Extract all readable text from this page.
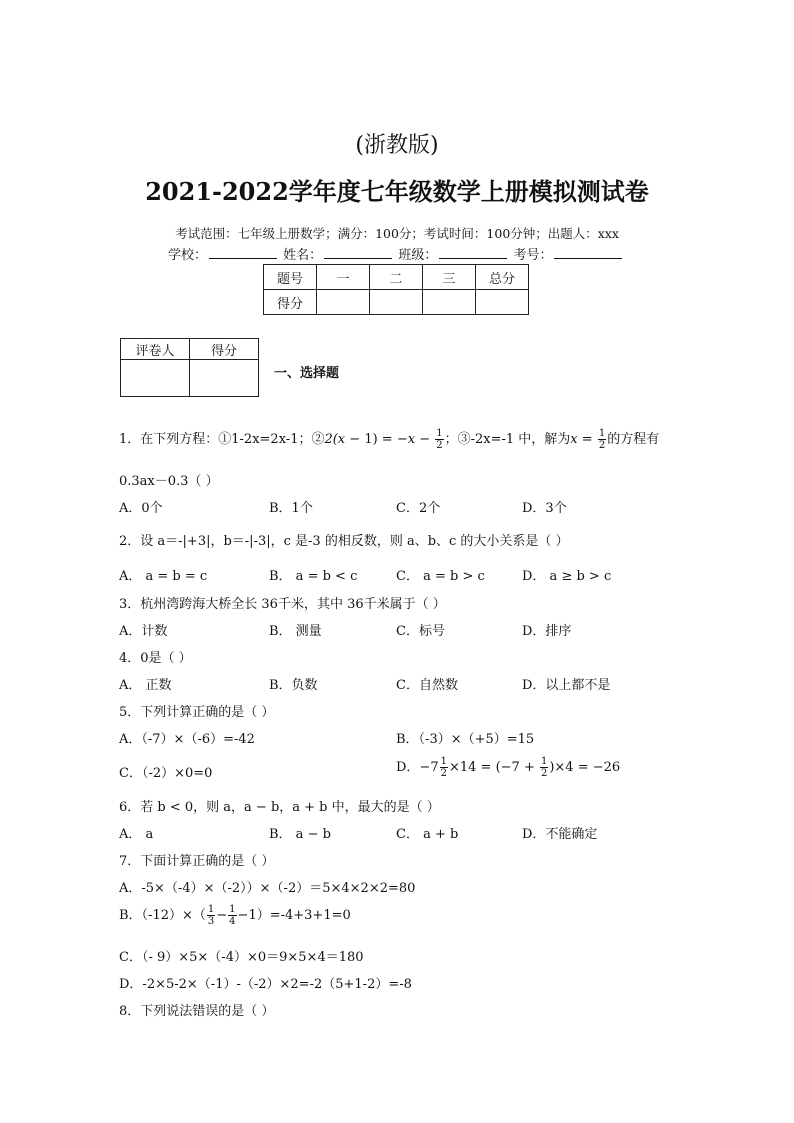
(浙教版)
2021-2022学年度七年级数学上册模拟测试卷
考试范围：七年级上册数学；满分：100分；考试时间：100分钟；出题人：xxx
学校：	姓名：	班级：	考号：
题号	一	二	三	总分
得分				
评卷人	得分

一、选择题
1．在下列方程：①1-2x=2x-1；②2(x − $1) = -x - \frac{1}{2}$ ；③-2x=-1 中，解为$x = \frac{1}{2}$ 的方程有
0.3ax－0.3（ ）
A．0个	B．1个	C．2个	D．3个
2．设 a＝-|+3|，b＝-|-3|，c 是-3 的相反数，则 a、b、c 的大小关系是（ ）
A． a = b = c	B． a = b < c	C． a = b > c	D． a ≥ b > c
3．杭州湾跨海大桥全长 36千米，其中 36千米属于（ ）
A．计数	B． 测量	C．标号	D．排序
4．0是（ ）
A． 正数	B．负数	C．自然数	D．以上都不是
5．下列计算正确的是（ ）
A．（-7）×（-6）=-42	B．（-3）×（+5）=15
C．（-2）×0=0	D．$-7 \frac{1}{2} \times 14 = (-7 + \frac{1}{2} )\times 4 = -26$
6．若 b < 0，则 a，a − b，a + b 中，最大的是（ ）
A． a	B． a − b	C． a + b	D．不能确定
7．下面计算正确的是（ ）
A．-5×（-4）×（-2））×（-2）＝5×4×2×2=80
B．$(-12)\times( \frac{1}{3} - \frac{1}{4} -1)=-4+3+1=0$
C．（- 9）×5×（-4）×0＝9×5×4＝180
D．-2×5-2×（-1）-（-2）×2=-2（5+1-2）=-8
8．下列说法错误的是（ ）
